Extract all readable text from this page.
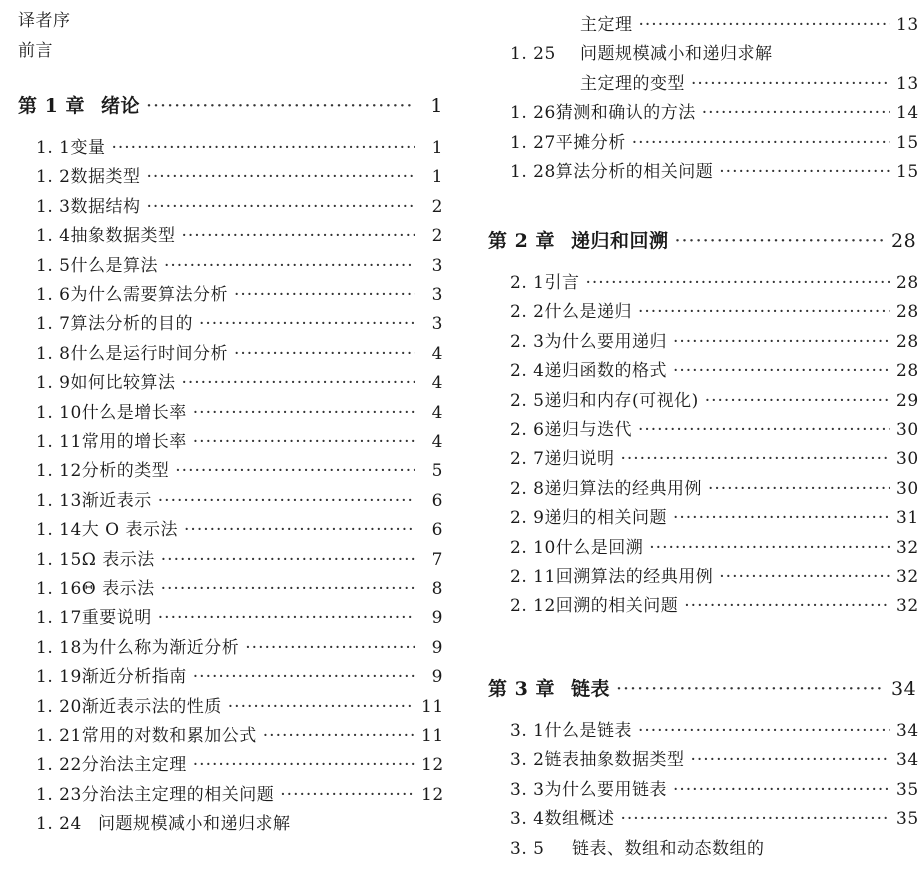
译者序
前言
第 1 章 绪论 ·····	1
1. 1 变量 ·····	1
1. 2 数据类型 ·····	1
1. 3 数据结构 ·····	2
1. 4 抽象数据类型 ·····	2
1. 5 什么是算法 ·····	3
1. 6 为什么需要算法分析 ·····	3
1. 7 算法分析的目的 ·····	3
1. 8 什么是运行时间分析 ·····	4
1. 9 如何比较算法 ·····	4
1. 10 什么是增长率 ·····	4
1. 11 常用的增长率 ·····	4
1. 12 分析的类型 ·····	5
1. 13 渐近表示 ·····	6
1. 14 大 O 表示法 ·····	6
1. 15 Ω 表示法 ·····	7
1. 16 Θ 表示法 ·····	8
1. 17 重要说明 ·····	9
1. 18 为什么称为渐近分析 ·····	9
1. 19 渐近分析指南 ·····	9
1. 20 渐近表示法的性质 ·····	11
1. 21 常用的对数和累加公式 ·····	11
1. 22 分治法主定理 ·····	12
1. 23 分治法主定理的相关问题 ·····	12
1. 24 问题规模减小和递归求解
主定理 ·····	13
1. 25	问题规模减小和递归求解
主定理的变型 ·····	13
1. 26 猜测和确认的方法 ·····	14
1. 27 平摊分析 ·····	15
1. 28 算法分析的相关问题 ·····	15
第 2 章 递归和回溯 ·····	28
2. 1 引言 ·····	28
2. 2 什么是递归 ·····	28
2. 3 为什么要用递归 ·····	28
2. 4 递归函数的格式 ·····	28
2. 5 递归和内存(可视化) ·····	29
2. 6 递归与迭代 ·····	30
2. 7 递归说明 ·····	30
2. 8 递归算法的经典用例 ·····	30
2. 9 递归的相关问题 ·····	31
2. 10 什么是回溯 ·····	32
2. 11 回溯算法的经典用例 ·····	32
2. 12 回溯的相关问题 ·····	32
第 3 章 链表 ·····	34
3. 1 什么是链表 ·····	34
3. 2 链表抽象数据类型 ·····	34
3. 3 为什么要用链表 ·····	35
3. 4 数组概述 ·····	35
3. 5	链表、数组和动态数组的
